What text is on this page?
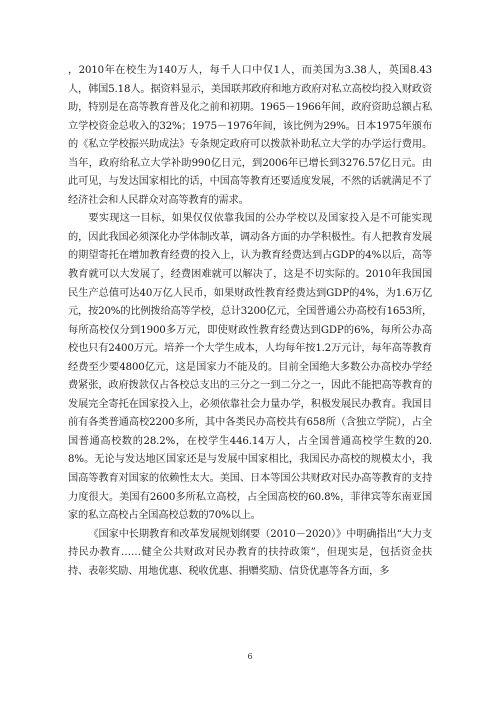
，2010年在校生为140万人，每千人口中仅1人，而美国为3.38人，英国8.43人，韩国5.18人。据资料显示，美国联邦政府和地方政府对私立高校均投入财政资助，特别是在高等教育普及化之前和初期。1965－1966年间，政府资助总额占私立学校资金总收入的32%；1975－1976年间，该比例为29%。日本1975年颁布的《私立学校振兴助成法》专条规定政府可以拨款补助私立大学的办学运行费用。当年，政府给私立大学补助990亿日元，到2006年已增长到3276.57亿日元。由此可见，与发达国家相比的话，中国高等教育还要适度发展，不然的话就满足不了经济社会和人民群众对高等教育的需求。

要实现这一目标，如果仅仅依靠我国的公办学校以及国家投入是不可能实现的，因此我国必须深化办学体制改革，调动各方面的办学积极性。有人把教育发展的期望寄托在增加教育经费的投入上，认为教育经费达到占GDP的4%以后，高等教育就可以大发展了，经费困难就可以解决了，这是不切实际的。2010年我国国民生产总值可达40万亿人民币，如果财政性教育经费达到GDP的4%，为1.6万亿元，按20%的比例拨给高等学校，总计3200亿元，全国普通公办高校有1653所，每所高校仅分到1900多万元，即使财政性教育经费达到GDP的6%，每所公办高校也只有2400万元。培养一个大学生成本，人均每年按1.2万元计，每年高等教育经费至少要4800亿元，这是国家力不能及的。目前全国绝大多数公办高校办学经费紧张，政府拨款仅占各校总支出的三分之一到二分之一，因此不能把高等教育的发展完全寄托在国家投入上，必须依靠社会力量办学，积极发展民办教育。我国目前有各类普通高校2200多所，其中各类民办高校共有658所（含独立学院），占全国普通高校数的28.2%，在校学生446.14万人，占全国普通高校学生数的20.8%。无论与发达地区国家还是与发展中国家相比，我国民办高校的规模太小，我国高等教育对国家的依赖性太大。美国、日本等国公共财政对民办高等教育的支持力度很大。美国有2600多所私立高校，占全国高校的60.8%，菲律宾等东南亚国家的私立高校占全国高校总数的70%以上。

《国家中长期教育和改革发展规划纲要（2010－2020）》中明确指出“大力支持民办教育……健全公共财政对民办教育的扶持政策”，但现实是，包括资金扶持、表彰奖励、用地优惠、税收优惠、捐赠奖励、信贷优惠等各方面，多

6
